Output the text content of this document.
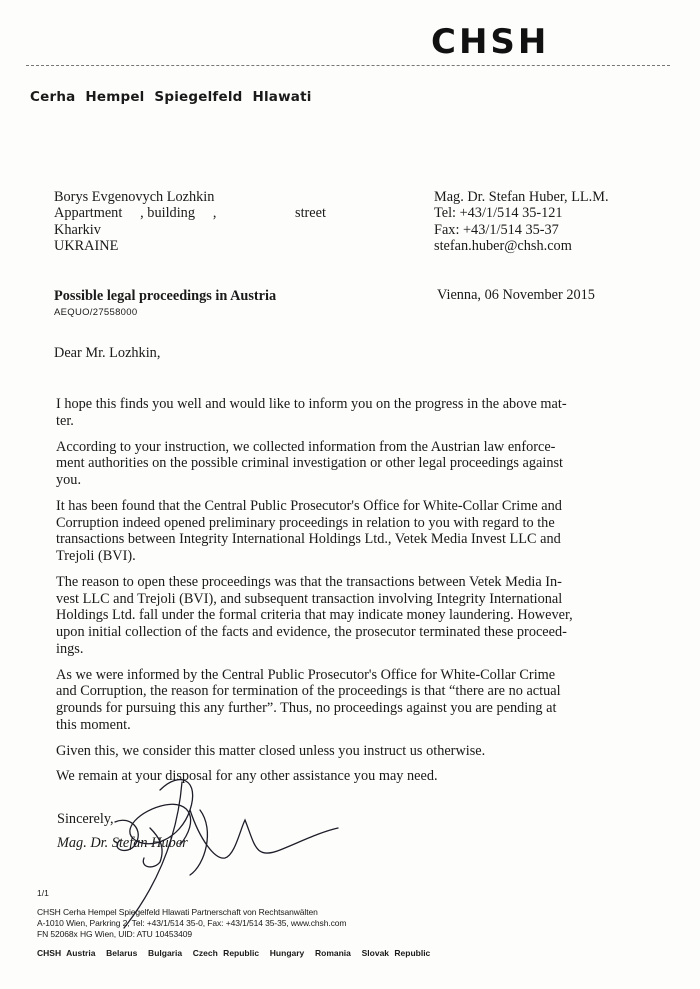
CHSH
Cerha Hempel Spiegelfeld Hlawati
Borys Evgenovych Lozhkin
Appartment     , building     ,	street
Kharkiv
UKRAINE
Mag. Dr. Stefan Huber, LL.M.
Tel: +43/1/514 35-121
Fax: +43/1/514 35-37
stefan.huber@chsh.com
Possible legal proceedings in Austria
AEQUO/27558000
Vienna, 06 November 2015
Dear Mr. Lozhkin,

I hope this finds you well and would like to inform you on the progress in the above mat-ter.

According to your instruction, we collected information from the Austrian law enforce-ment authorities on the possible criminal investigation or other legal proceedings against you.

It has been found that the Central Public Prosecutor's Office for White-Collar Crime and Corruption indeed opened preliminary proceedings in relation to you with regard to the transactions between Integrity International Holdings Ltd., Vetek Media Invest LLC and Trejoli (BVI).

The reason to open these proceedings was that the transactions between Vetek Media In-vest LLC and Trejoli (BVI), and subsequent transaction involving Integrity International Holdings Ltd. fall under the formal criteria that may indicate money laundering. However, upon initial collection of the facts and evidence, the prosecutor terminated these proceed-ings.

As we were informed by the Central Public Prosecutor's Office for White-Collar Crime and Corruption, the reason for termination of the proceedings is that “there are no actual grounds for pursuing this any further”. Thus, no proceedings against you are pending at this moment.

Given this, we consider this matter closed unless you instruct us otherwise.

We remain at your disposal for any other assistance you may need.

Sincerely,
Mag. Dr. Stefan Huber
1/1
CHSH Cerha Hempel Spiegelfeld Hlawati Partnerschaft von Rechtsanwälten
A-1010 Wien, Parkring 2, Tel: +43/1/514 35-0, Fax: +43/1/514 35-35, www.chsh.com
FN 52068x HG Wien, UID: ATU 10453409
CHSH Austria  Belarus  Bulgaria  Czech Republic  Hungary  Romania  Slovak Republic
